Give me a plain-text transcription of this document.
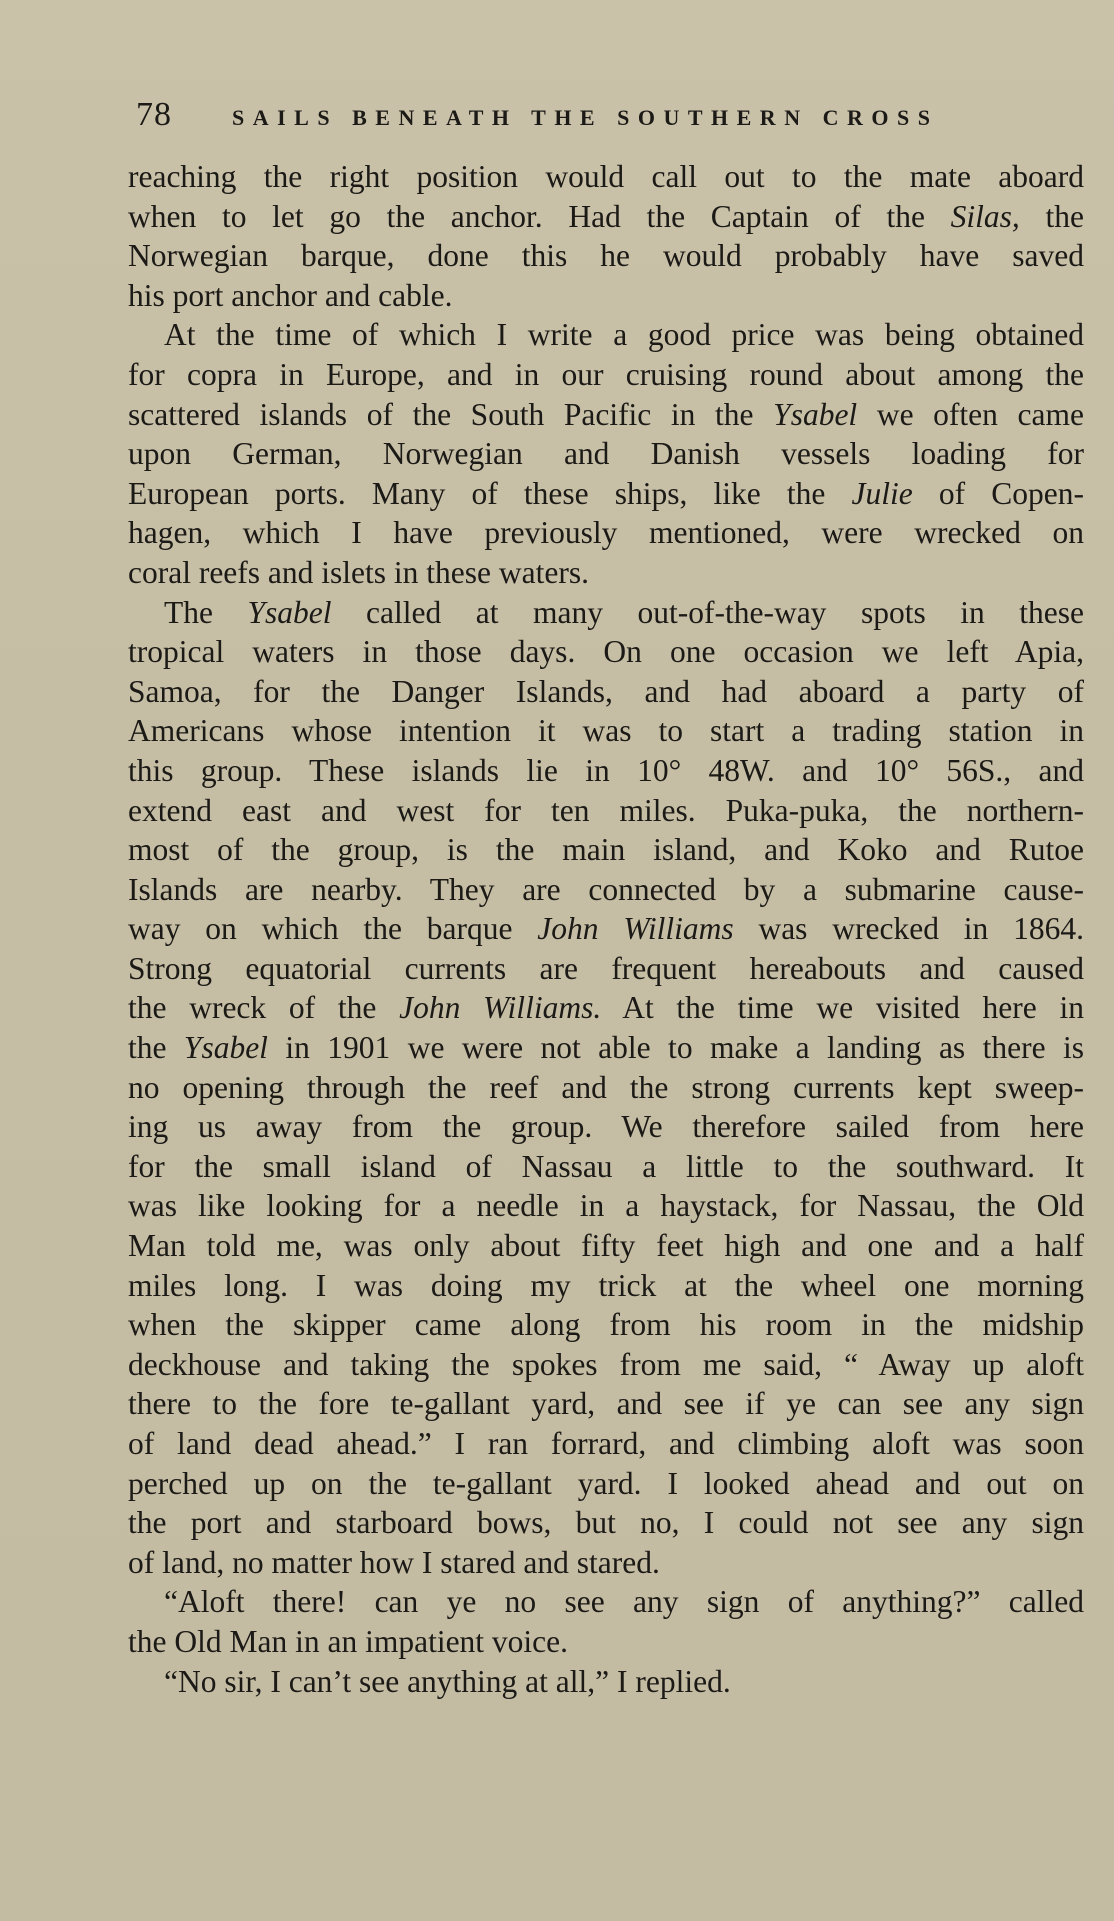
78	SAILS BENEATH THE SOUTHERN CROSS
reaching the right position would call out to the mate aboard
when to let go the anchor. Had the Captain of the Silas, the
Norwegian barque, done this he would probably have saved
his port anchor and cable.
At the time of which I write a good price was being obtained
for copra in Europe, and in our cruising round about among the
scattered islands of the South Pacific in the Ysabel we often came
upon German, Norwegian and Danish vessels loading for
European ports. Many of these ships, like the Julie of Copen-
hagen, which I have previously mentioned, were wrecked on
coral reefs and islets in these waters.
The Ysabel called at many out-of-the-way spots in these
tropical waters in those days. On one occasion we left Apia,
Samoa, for the Danger Islands, and had aboard a party of
Americans whose intention it was to start a trading station in
this group. These islands lie in 10° 48W. and 10° 56S., and
extend east and west for ten miles. Puka-puka, the northern-
most of the group, is the main island, and Koko and Rutoe
Islands are nearby. They are connected by a submarine cause-
way on which the barque John Williams was wrecked in 1864.
Strong equatorial currents are frequent hereabouts and caused
the wreck of the John Williams. At the time we visited here in
the Ysabel in 1901 we were not able to make a landing as there is
no opening through the reef and the strong currents kept sweep-
ing us away from the group. We therefore sailed from here
for the small island of Nassau a little to the southward. It
was like looking for a needle in a haystack, for Nassau, the Old
Man told me, was only about fifty feet high and one and a half
miles long. I was doing my trick at the wheel one morning
when the skipper came along from his room in the midship
deckhouse and taking the spokes from me said, “ Away up aloft
there to the fore te-gallant yard, and see if ye can see any sign
of land dead ahead.” I ran forrard, and climbing aloft was soon
perched up on the te-gallant yard. I looked ahead and out on
the port and starboard bows, but no, I could not see any sign
of land, no matter how I stared and stared.
“Aloft there! can ye no see any sign of anything?” called
the Old Man in an impatient voice.
“No sir, I can’t see anything at all,” I replied.
